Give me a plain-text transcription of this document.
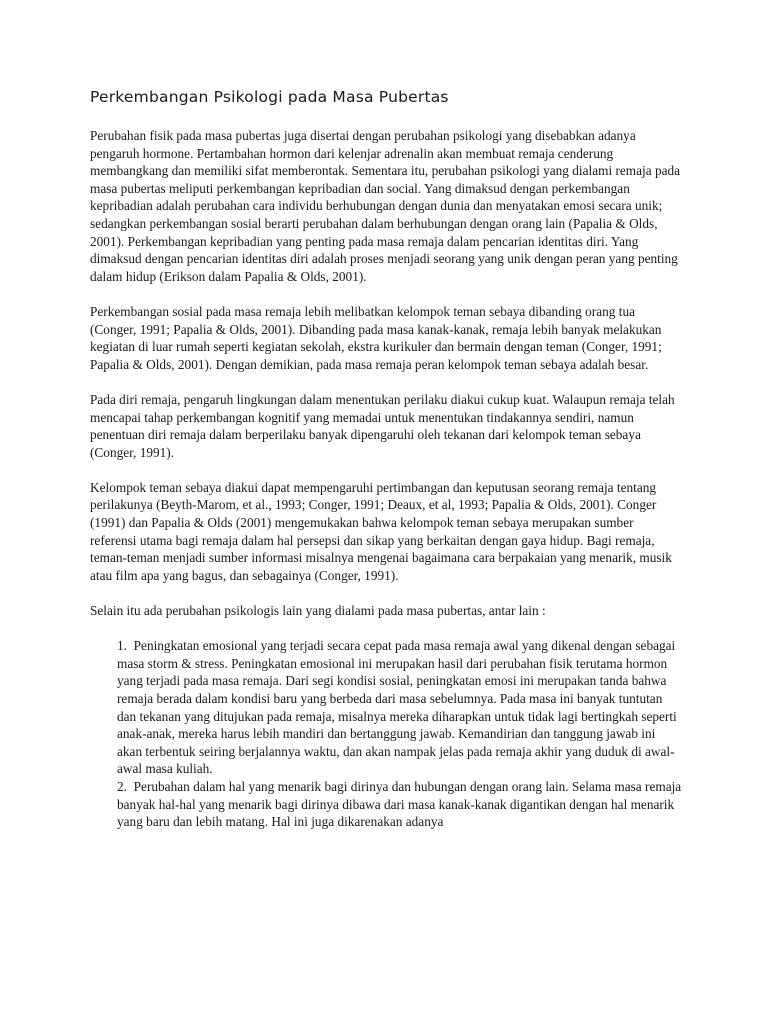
Perkembangan Psikologi pada Masa Pubertas

Perubahan fisik pada masa pubertas juga disertai dengan perubahan psikologi yang disebabkan adanya pengaruh hormone. Pertambahan hormon dari kelenjar adrenalin akan membuat remaja cenderung membangkang dan memiliki sifat memberontak. Sementara itu, perubahan psikologi yang dialami remaja pada masa pubertas meliputi perkembangan kepribadian dan social. Yang dimaksud dengan perkembangan kepribadian adalah perubahan cara individu berhubungan dengan dunia dan menyatakan emosi secara unik; sedangkan perkembangan sosial berarti perubahan dalam berhubungan dengan orang lain (Papalia & Olds, 2001). Perkembangan kepribadian yang penting pada masa remaja dalam pencarian identitas diri. Yang dimaksud dengan pencarian identitas diri adalah proses menjadi seorang yang unik dengan peran yang penting dalam hidup (Erikson dalam Papalia & Olds, 2001).

Perkembangan sosial pada masa remaja lebih melibatkan kelompok teman sebaya dibanding orang tua (Conger, 1991; Papalia & Olds, 2001). Dibanding pada masa kanak-kanak, remaja lebih banyak melakukan kegiatan di luar rumah seperti kegiatan sekolah, ekstra kurikuler dan bermain dengan teman (Conger, 1991; Papalia & Olds, 2001). Dengan demikian, pada masa remaja peran kelompok teman sebaya adalah besar.

Pada diri remaja, pengaruh lingkungan dalam menentukan perilaku diakui cukup kuat. Walaupun remaja telah mencapai tahap perkembangan kognitif yang memadai untuk menentukan tindakannya sendiri, namun penentuan diri remaja dalam berperilaku banyak dipengaruhi oleh tekanan dari kelompok teman sebaya (Conger, 1991).

Kelompok teman sebaya diakui dapat mempengaruhi pertimbangan dan keputusan seorang remaja tentang perilakunya (Beyth-Marom, et al., 1993; Conger, 1991; Deaux, et al, 1993; Papalia & Olds, 2001). Conger (1991) dan Papalia & Olds (2001) mengemukakan bahwa kelompok teman sebaya merupakan sumber referensi utama bagi remaja dalam hal persepsi dan sikap yang berkaitan dengan gaya hidup. Bagi remaja, teman-teman menjadi sumber informasi misalnya mengenai bagaimana cara berpakaian yang menarik, musik atau film apa yang bagus, dan sebagainya (Conger, 1991).

Selain itu ada perubahan psikologis lain yang dialami pada masa pubertas, antar lain :

1. Peningkatan emosional yang terjadi secara cepat pada masa remaja awal yang dikenal dengan sebagai masa storm & stress. Peningkatan emosional ini merupakan hasil dari perubahan fisik terutama hormon yang terjadi pada masa remaja. Dari segi kondisi sosial, peningkatan emosi ini merupakan tanda bahwa remaja berada dalam kondisi baru yang berbeda dari masa sebelumnya. Pada masa ini banyak tuntutan dan tekanan yang ditujukan pada remaja, misalnya mereka diharapkan untuk tidak lagi bertingkah seperti anak-anak, mereka harus lebih mandiri dan bertanggung jawab. Kemandirian dan tanggung jawab ini akan terbentuk seiring berjalannya waktu, dan akan nampak jelas pada remaja akhir yang duduk di awal-awal masa kuliah.
2. Perubahan dalam hal yang menarik bagi dirinya dan hubungan dengan orang lain. Selama masa remaja banyak hal-hal yang menarik bagi dirinya dibawa dari masa kanak-kanak digantikan dengan hal menarik yang baru dan lebih matang. Hal ini juga dikarenakan adanya
